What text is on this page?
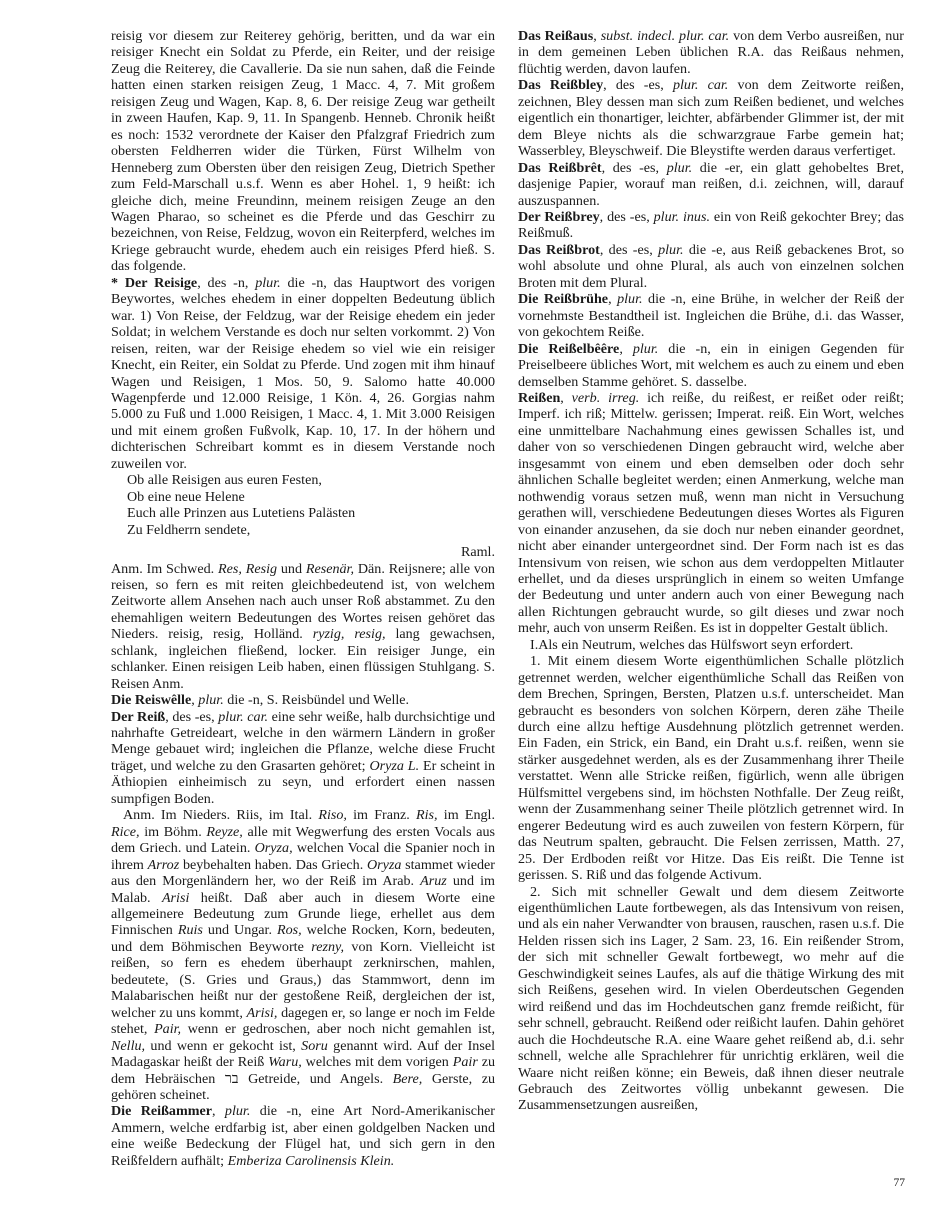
reisig vor diesem zur Reiterey gehörig, beritten, und da war ein reisiger Knecht ein Soldat zu Pferde, ein Reiter, und der reisige Zeug die Reiterey, die Cavallerie. Da sie nun sahen, daß die Feinde hatten einen starken reisigen Zeug, 1 Macc. 4, 7. Mit großem reisigen Zeug und Wagen, Kap. 8, 6. Der reisige Zeug war getheilt in zween Haufen, Kap. 9, 11. In Spangenb. Henneb. Chronik heißt es noch: 1532 verordnete der Kaiser den Pfalzgraf Friedrich zum obersten Feldherren wider die Türken, Fürst Wilhelm von Henneberg zum Obersten über den reisigen Zeug, Dietrich Spether zum Feld-Marschall u.s.f. Wenn es aber Hohel. 1, 9 heißt: ich gleiche dich, meine Freundinn, meinem reisigen Zeuge an den Wagen Pharao, so scheinet es die Pferde und das Geschirr zu bezeichnen, von Reise, Feldzug, wovon ein Reiterpferd, welches im Kriege gebraucht wurde, ehedem auch ein reisiges Pferd hieß. S. das folgende.

* Der Reisige, des -n, plur. die -n, das Hauptwort des vorigen Beywortes, welches ehedem in einer doppelten Bedeutung üblich war. 1) Von Reise, der Feldzug, war der Reisige ehedem ein jeder Soldat; in welchem Verstande es doch nur selten vorkommt. 2) Von reisen, reiten, war der Reisige ehedem so viel wie ein reisiger Knecht, ein Reiter, ein Soldat zu Pferde. Und zogen mit ihm hinauf Wagen und Reisigen, 1 Mos. 50, 9. Salomo hatte 40.000 Wagenpferde und 12.000 Reisige, 1 Kön. 4, 26. Gorgias nahm 5.000 zu Fuß und 1.000 Reisigen, 1 Macc. 4, 1. Mit 3.000 Reisigen und mit einem großen Fußvolk, Kap. 10, 17. In der höhern und dichterischen Schreibart kommt es in diesem Verstande noch zuweilen vor.

Ob alle Reisigen aus euren Festen,
Ob eine neue Helene
Euch alle Prinzen aus Lutetiens Palästen
Zu Feldherrn sendete,
Raml.

Anm. Im Schwed. Res, Resig und Resenär, Dän. Reijsnere; alle von reisen, so fern es mit reiten gleichbedeutend ist, von welchem Zeitworte allem Ansehen nach auch unser Roß abstammet. Zu den ehemahligen weitern Bedeutungen des Wortes reisen gehöret das Nieders. reisig, resig, Holländ. ryzig, resig, lang gewachsen, schlank, ingleichen fließend, locker. Ein reisiger Junge, ein schlanker. Einen reisigen Leib haben, einen flüssigen Stuhlgang. S. Reisen Anm.

Die Reiswêlle, plur. die -n, S. Reisbündel und Welle.

Der Reiß, des -es, plur. car. eine sehr weiße, halb durchsichtige und nahrhafte Getreideart, welche in den wärmern Ländern in großer Menge gebauet wird; ingleichen die Pflanze, welche diese Frucht träget, und welche zu den Grasarten gehöret; Oryza L. Er scheint in Äthiopien einheimisch zu seyn, und erfordert einen nassen sumpfigen Boden.

Anm. Im Nieders. Riis, im Ital. Riso, im Franz. Ris, im Engl. Rice, im Böhm. Reyze, alle mit Wegwerfung des ersten Vocals aus dem Griech. und Latein. Oryza, welchen Vocal die Spanier noch in ihrem Arroz beybehalten haben. Das Griech. Oryza stammet wieder aus den Morgenländern her, wo der Reiß im Arab. Aruz und im Malab. Arisi heißt. Daß aber auch in diesem Worte eine allgemeinere Bedeutung zum Grunde liege, erhellet aus dem Finnischen Ruis und Ungar. Ros, welche Rocken, Korn, bedeuten, und dem Böhmischen Beyworte rezny, von Korn. Vielleicht ist reißen, so fern es ehedem überhaupt zerknirschen, mahlen, bedeutete, (S. Gries und Graus,) das Stammwort, denn im Malabarischen heißt nur der gestoßene Reiß, dergleichen der ist, welcher zu uns kommt, Arisi, dagegen er, so lange er noch im Felde stehet, Pair, wenn er gedroschen, aber noch nicht gemahlen ist, Nellu, und wenn er gekocht ist, Soru genannt wird. Auf der Insel Madagaskar heißt der Reiß Waru, welches mit dem vorigen Pair zu dem Hebräischen בר Getreide, und Angels. Bere, Gerste, zu gehören scheinet.

Die Reißammer, plur. die -n, eine Art Nord-Amerikanischer Ammern, welche erdfarbig ist, aber einen goldgelben Nacken und eine weiße Bedeckung der Flügel hat, und sich gern in den Reißfeldern aufhält; Emberiza Carolinensis Klein.

Das Reißaus, subst. indecl. plur. car. von dem Verbo ausreißen, nur in dem gemeinen Leben üblichen R.A. das Reißaus nehmen, flüchtig werden, davon laufen.

Das Reißbley, des -es, plur. car. von dem Zeitworte reißen, zeichnen, Bley dessen man sich zum Reißen bedienet, und welches eigentlich ein thonartiger, leichter, abfärbender Glimmer ist, der mit dem Bleye nichts als die schwarzgraue Farbe gemein hat; Wasserbley, Bleyschweif. Die Bleystifte werden daraus verfertiget.

Das Reißbrêt, des -es, plur. die -er, ein glatt gehobeltes Bret, dasjenige Papier, worauf man reißen, d.i. zeichnen, will, darauf auszuspannen.

Der Reißbrey, des -es, plur. inus. ein von Reiß gekochter Brey; das Reißmuß.

Das Reißbrot, des -es, plur. die -e, aus Reiß gebackenes Brot, so wohl absolute und ohne Plural, als auch von einzelnen solchen Broten mit dem Plural.

Die Reißbrühe, plur. die -n, eine Brühe, in welcher der Reiß der vornehmste Bestandtheil ist. Ingleichen die Brühe, d.i. das Wasser, von gekochtem Reiße.

Die Reißelbêêre, plur. die -n, ein in einigen Gegenden für Preiselbeere übliches Wort, mit welchem es auch zu einem und eben demselben Stamme gehöret. S. dasselbe.

Reißen, verb. irreg. ich reiße, du reißest, er reißet oder reißt; Imperf. ich riß; Mittelw. gerissen; Imperat. reiß. Ein Wort, welches eine unmittelbare Nachahmung eines gewissen Schalles ist, und daher von so verschiedenen Dingen gebraucht wird, welche aber insgesammt von einem und eben demselben oder doch sehr ähnlichen Schalle begleitet werden; einen Anmerkung, welche man nothwendig voraus setzen muß, wenn man nicht in Versuchung gerathen will, verschiedene Bedeutungen dieses Wortes als Figuren von einander anzusehen, da sie doch nur neben einander geordnet, nicht aber einander untergeordnet sind. Der Form nach ist es das Intensivum von reisen, wie schon aus dem verdoppelten Mitlauter erhellet, und da dieses ursprünglich in einem so weiten Umfange der Bedeutung und unter andern auch von einer Bewegung nach allen Richtungen gebraucht wurde, so gilt dieses und zwar noch mehr, auch von unserm Reißen. Es ist in doppelter Gestalt üblich.

I.Als ein Neutrum, welches das Hülfswort seyn erfordert.

1. Mit einem diesem Worte eigenthümlichen Schalle plötzlich getrennet werden, welcher eigenthümliche Schall das Reißen von dem Brechen, Springen, Bersten, Platzen u.s.f. unterscheidet. Man gebraucht es besonders von solchen Körpern, deren zähe Theile durch eine allzu heftige Ausdehnung plötzlich getrennet werden. Ein Faden, ein Strick, ein Band, ein Draht u.s.f. reißen, wenn sie stärker ausgedehnet werden, als es der Zusammenhang ihrer Theile verstattet. Wenn alle Stricke reißen, figürlich, wenn alle übrigen Hülfsmittel vergebens sind, im höchsten Nothfalle. Der Zeug reißt, wenn der Zusammenhang seiner Theile plötzlich getrennet wird. In engerer Bedeutung wird es auch zuweilen von festern Körpern, für das Neutrum spalten, gebraucht. Die Felsen zerrissen, Matth. 27, 25. Der Erdboden reißt vor Hitze. Das Eis reißt. Die Tenne ist gerissen. S. Riß und das folgende Activum.

2. Sich mit schneller Gewalt und dem diesem Zeitworte eigenthümlichen Laute fortbewegen, als das Intensivum von reisen, und als ein naher Verwandter von brausen, rauschen, rasen u.s.f. Die Helden rissen sich ins Lager, 2 Sam. 23, 16. Ein reißender Strom, der sich mit schneller Gewalt fortbewegt, wo mehr auf die Geschwindigkeit seines Laufes, als auf die thätige Wirkung des mit sich Reißens, gesehen wird. In vielen Oberdeutschen Gegenden wird reißend und das im Hochdeutschen ganz fremde reißicht, für sehr schnell, gebraucht. Reißend oder reißicht laufen. Dahin gehöret auch die Hochdeutsche R.A. eine Waare gehet reißend ab, d.i. sehr schnell, welche alle Sprachlehrer für unrichtig erklären, weil die Waare nicht reißen könne; ein Beweis, daß ihnen dieser neutrale Gebrauch des Zeitwortes völlig unbekannt gewesen. Die Zusammensetzungen ausreißen,

77
